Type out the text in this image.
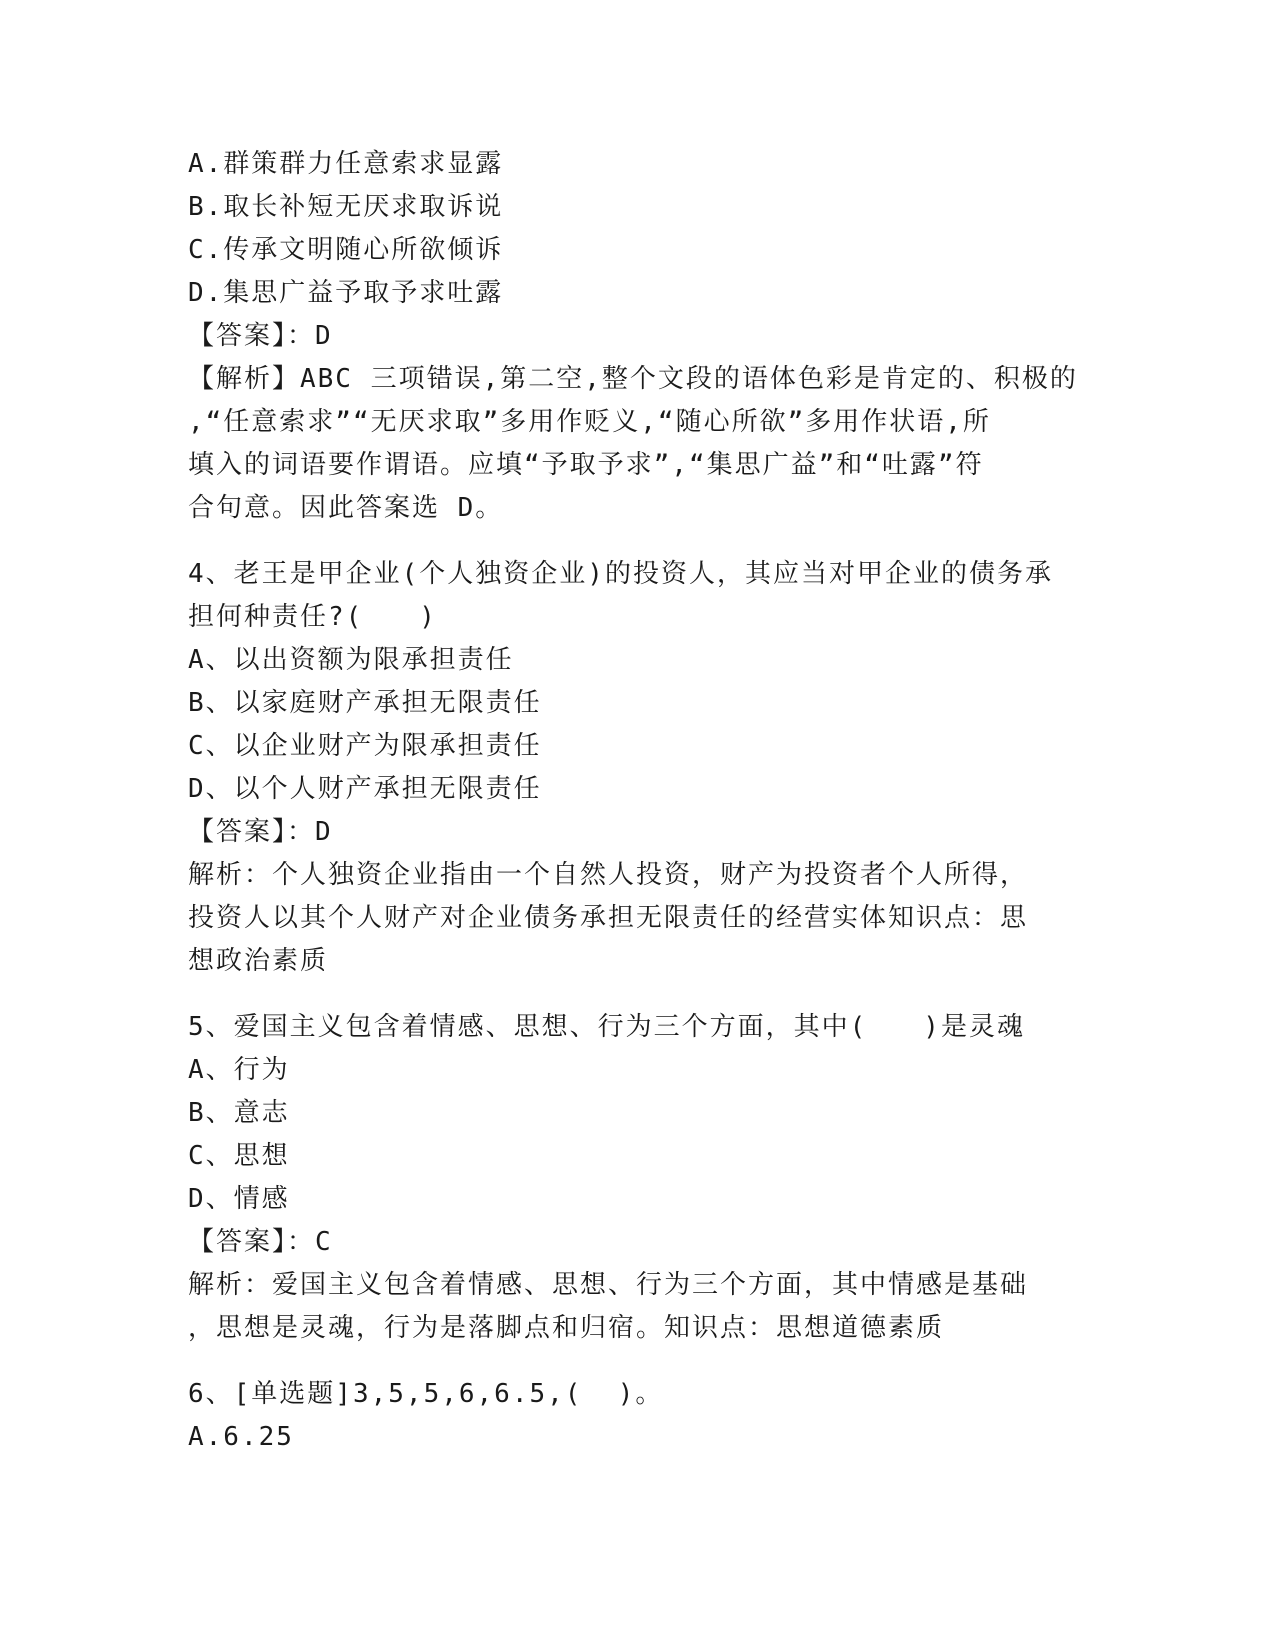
A.群策群力任意索求显露
B.取长补短无厌求取诉说
C.传承文明随心所欲倾诉
D.集思广益予取予求吐露
【答案】：D
【解析】ABC 三项错误,第二空,整个文段的语体色彩是肯定的、积极的
,“任意索求”“无厌求取”多用作贬义,“随心所欲”多用作状语,所
填入的词语要作谓语。应填“予取予求”,“集思广益”和“吐露”符
合句意。因此答案选 D。
4、老王是甲企业(个人独资企业)的投资人，其应当对甲企业的债务承
担何种责任?(　　)
A、以出资额为限承担责任
B、以家庭财产承担无限责任
C、以企业财产为限承担责任
D、以个人财产承担无限责任
【答案】：D
解析：个人独资企业指由一个自然人投资，财产为投资者个人所得，
投资人以其个人财产对企业债务承担无限责任的经营实体知识点：思
想政治素质
5、爱国主义包含着情感、思想、行为三个方面，其中(　　)是灵魂
A、行为
B、意志
C、思想
D、情感
【答案】：C
解析：爱国主义包含着情感、思想、行为三个方面，其中情感是基础
，思想是灵魂，行为是落脚点和归宿。知识点：思想道德素质
6、[单选题]3,5,5,6,6.5,(  )。
A.6.25
